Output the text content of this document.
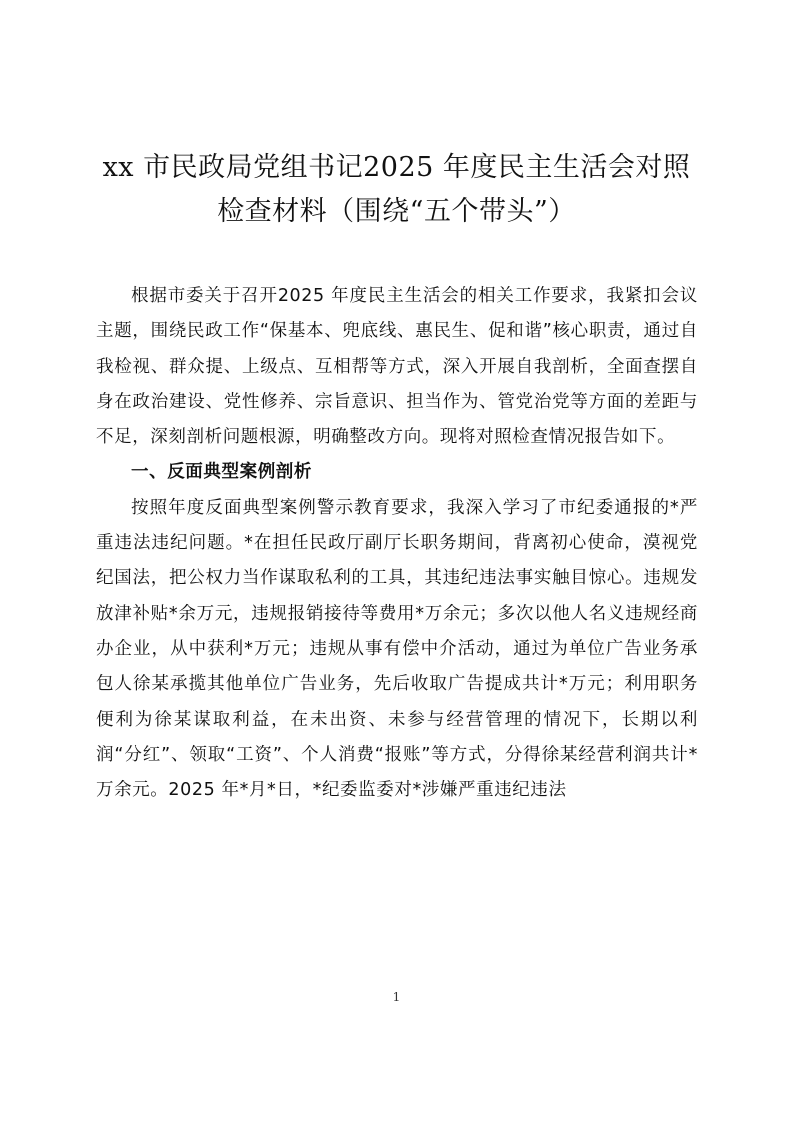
xx 市民政局党组书记2025 年度民主生活会对照
检查材料（围绕“五个带头”）

根据市委关于召开2025 年度民主生活会的相关工作要求，我紧扣会议主题，围绕民政工作“保基本、兜底线、惠民生、促和谐”核心职责，通过自我检视、群众提、上级点、互相帮等方式，深入开展自我剖析，全面查摆自身在政治建设、党性修养、宗旨意识、担当作为、管党治党等方面的差距与不足，深刻剖析问题根源，明确整改方向。现将对照检查情况报告如下。

一、反面典型案例剖析

按照年度反面典型案例警示教育要求，我深入学习了市纪委通报的*严重违法违纪问题。*在担任民政厅副厅长职务期间，背离初心使命，漠视党纪国法，把公权力当作谋取私利的工具，其违纪违法事实触目惊心。违规发放津补贴*余万元，违规报销接待等费用*万余元；多次以他人名义违规经商办企业，从中获利*万元；违规从事有偿中介活动，通过为单位广告业务承包人徐某承揽其他单位广告业务，先后收取广告提成共计*万元；利用职务便利为徐某谋取利益，在未出资、未参与经营管理的情况下，长期以利润“分红”、领取“工资”、个人消费“报账”等方式，分得徐某经营利润共计*万余元。2025 年*月*日，*纪委监委对*涉嫌严重违纪违法

1
